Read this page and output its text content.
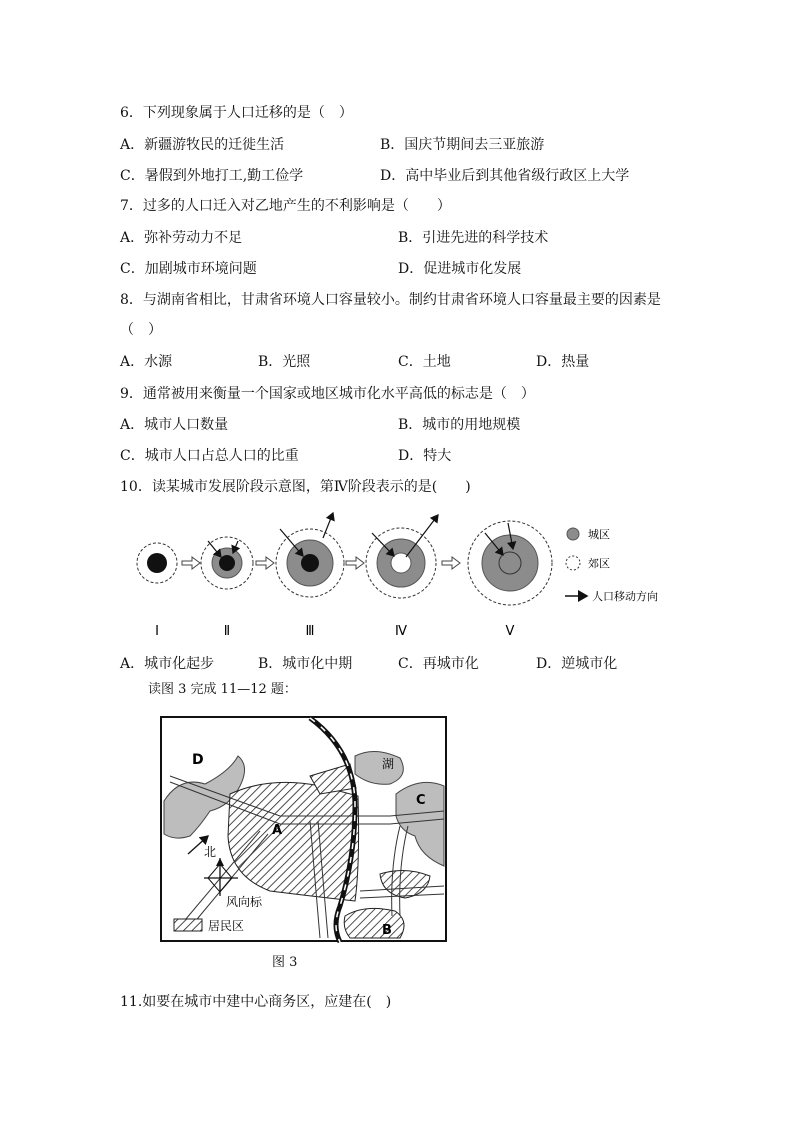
6．下列现象属于人口迁移的是（　）
A．新疆游牧民的迁徙生活	B．国庆节期间去三亚旅游
C．暑假到外地打工,勤工俭学	D．高中毕业后到其他省级行政区上大学
7．过多的人口迁入对乙地产生的不利影响是（　　）
A．弥补劳动力不足	B．引进先进的科学技术
C．加剧城市环境问题	D．促进城市化发展
8．与湖南省相比，甘肃省环境人口容量较小。制约甘肃省环境人口容量最主要的因素是
（　）
A．水源	B．光照	C．土地	D．热量
9．通常被用来衡量一个国家或地区城市化水平高低的标志是（　）
A．城市人口数量	B．城市的用地规模
C．城市人口占总人口的比重	D．特大
10．读某城市发展阶段示意图，第Ⅳ阶段表示的是(　　)
城区
郊区
人口移动方向
Ⅰ	Ⅱ	Ⅲ	Ⅳ	Ⅴ
A．城市化起步	B．城市化中期	C．再城市化	D．逆城市化
读图 3 完成 11—12 题：
D	湖
C
A
B
北
风向标
居民区
图 3
11.如要在城市中建中心商务区，应建在(　)
